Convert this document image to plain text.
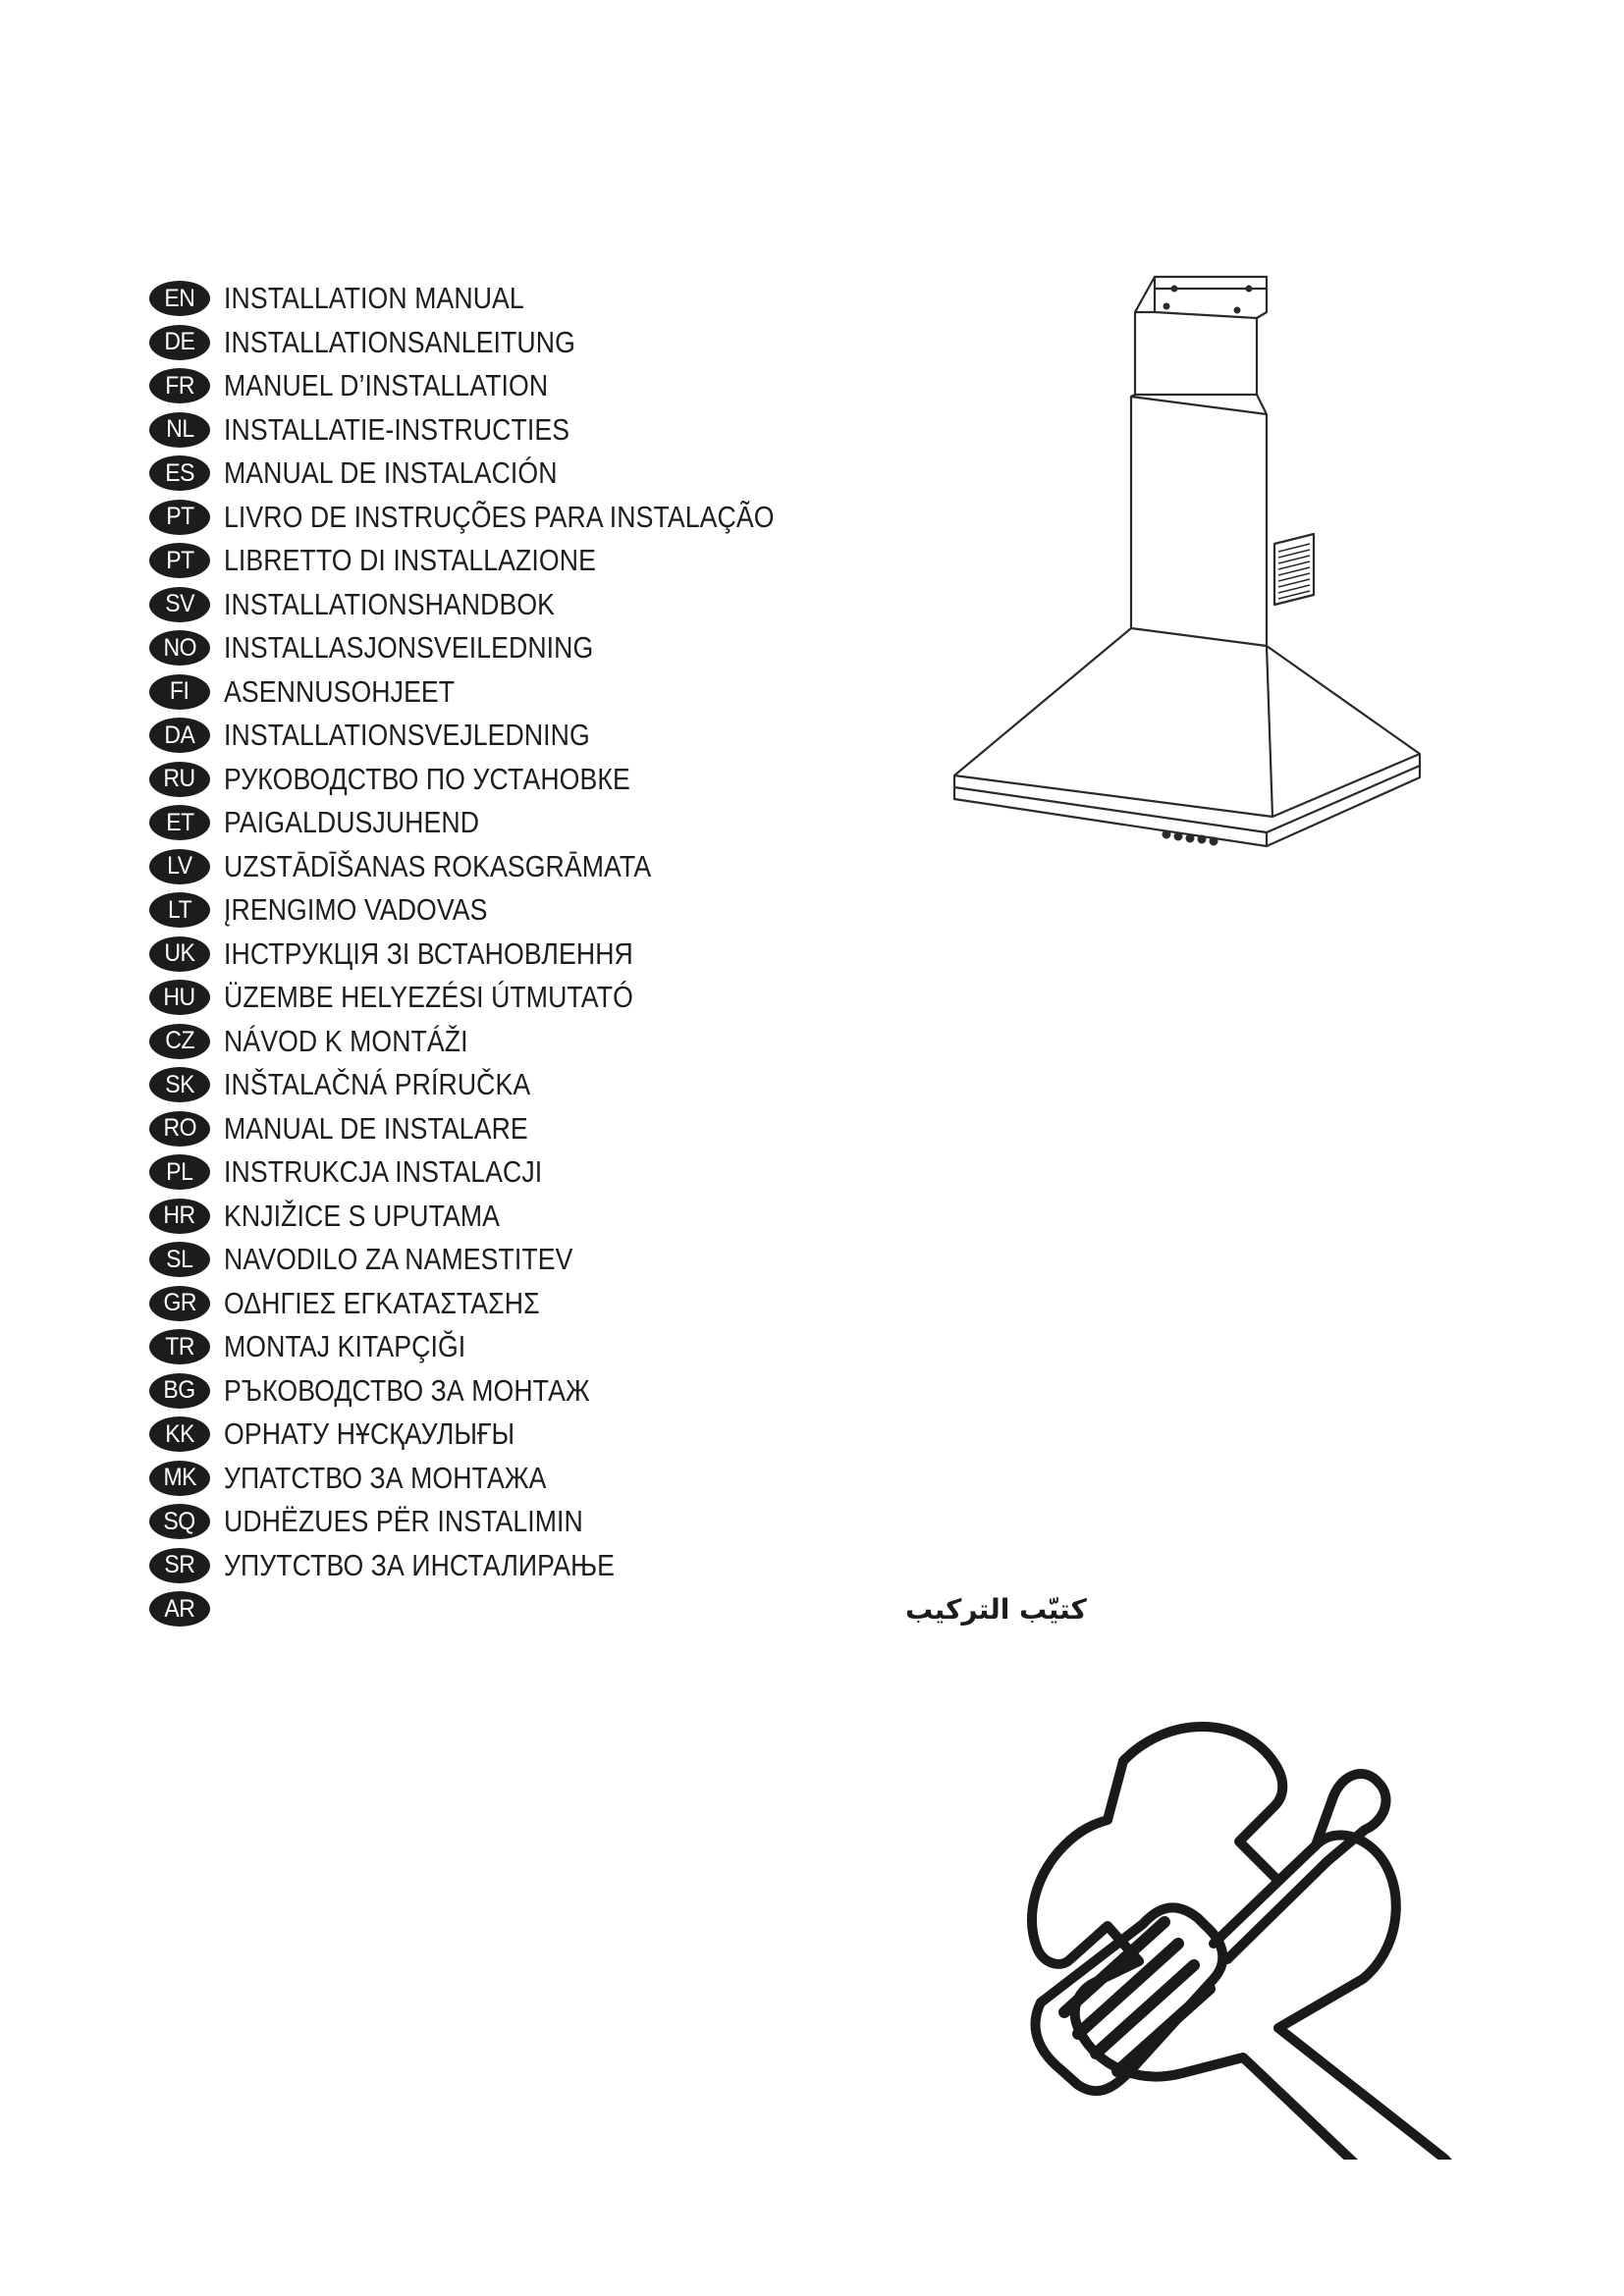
EN INSTALLATION MANUAL
DE INSTALLATIONSANLEITUNG
FR MANUEL D’INSTALLATION
NL INSTALLATIE-INSTRUCTIES
ES MANUAL DE INSTALACIÓN
PT LIVRO DE INSTRUÇÕES PARA INSTALAÇÃO
PT LIBRETTO DI INSTALLAZIONE
SV INSTALLATIONSHANDBOK
NO INSTALLASJONSVEILEDNING
FI ASENNUSOHJEET
DA INSTALLATIONSVEJLEDNING
RU РУКОВОДСТВО ПО УСТАНОВКЕ
ET PAIGALDUSJUHEND
LV UZSTĀDĪŠANAS ROKASGRĀMATA
LT ĮRENGIMO VADOVAS
UK ІНСТРУКЦІЯ ЗІ ВСТАНОВЛЕННЯ
HU ÜZEMBE HELYEZÉSI ÚTMUTATÓ
CZ NÁVOD K MONTÁŽI
SK INŠTALAČNÁ PRÍRUČKA
RO MANUAL DE INSTALARE
PL INSTRUKCJA INSTALACJI
HR KNJIŽICE S UPUTAMA
SL NAVODILO ZA NAMESTITEV
GR ΟΔΗΓΙΕΣ ΕΓΚΑΤΑΣΤΑΣΗΣ
TR MONTAJ KITAPÇIĞI
BG РЪКОВОДСТВО ЗА МОНТАЖ
KK ОРНАТУ НҰСҚАУЛЫҒЫ
MK УПАТСТВО ЗА МОНТАЖА
SQ UDHËZUES PËR INSTALIMIN
SR УПУТСТВО ЗА ИНСТАЛИРАЊЕ
AR	كتيّب التركيب
